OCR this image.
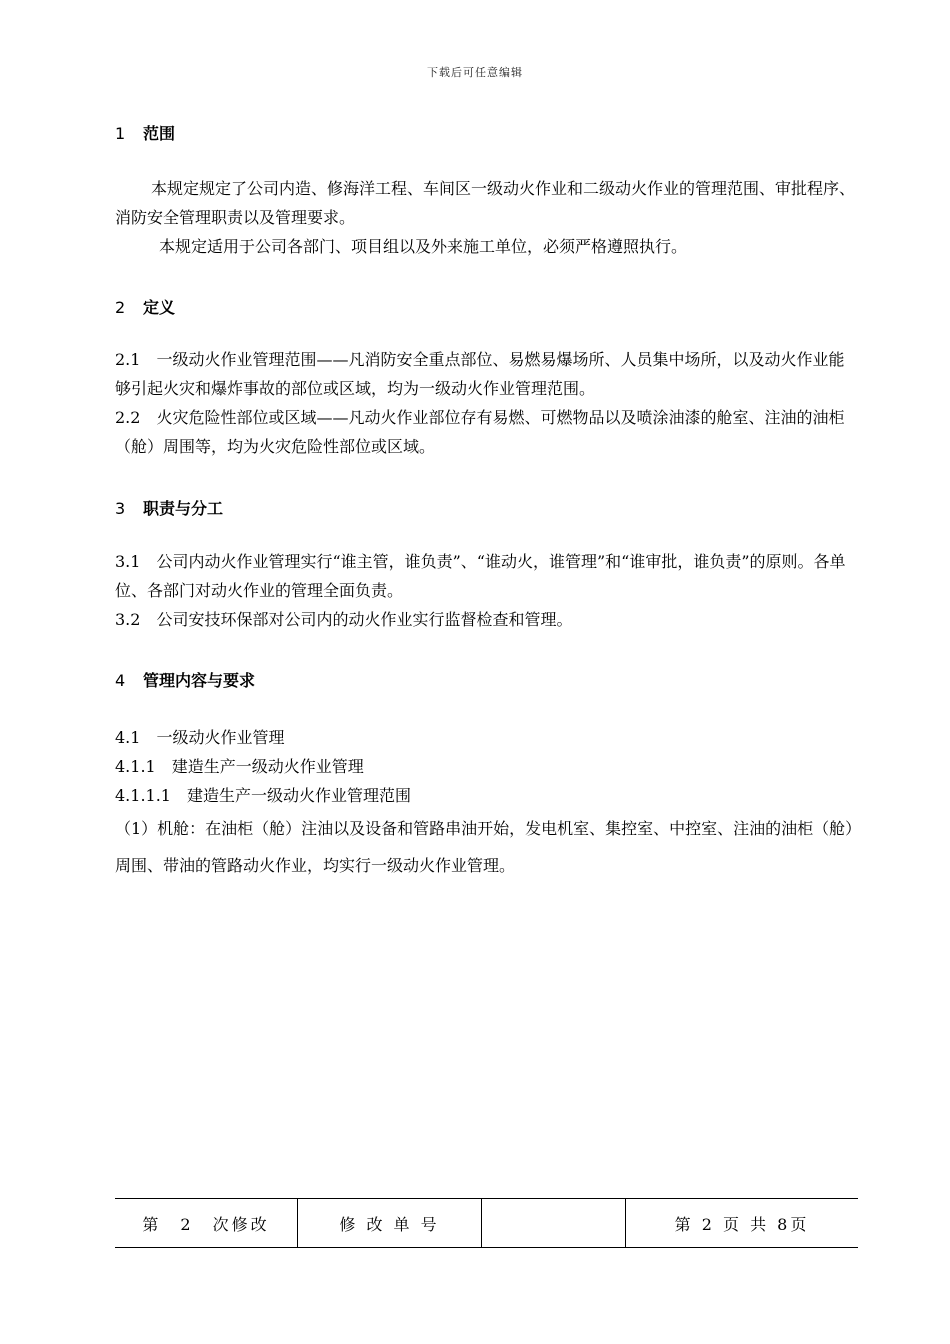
下载后可任意编辑
1 范围
本规定规定了公司内造、修海洋工程、车间区一级动火作业和二级动火作业的管理范围、审批程序、消防安全管理职责以及管理要求。
本规定适用于公司各部门、项目组以及外来施工单位，必须严格遵照执行。
2 定义
2.1　一级动火作业管理范围——凡消防安全重点部位、易燃易爆场所、人员集中场所，以及动火作业能够引起火灾和爆炸事故的部位或区域，均为一级动火作业管理范围。
2.2　火灾危险性部位或区域——凡动火作业部位存有易燃、可燃物品以及喷涂油漆的舱室、注油的油柜（舱）周围等，均为火灾危险性部位或区域。
3 职责与分工
3.1　公司内动火作业管理实行“谁主管，谁负责”、“谁动火，谁管理”和“谁审批，谁负责”的原则。各单位、各部门对动火作业的管理全面负责。
3.2　公司安技环保部对公司内的动火作业实行监督检查和管理。
4 管理内容与要求
4.1　一级动火作业管理
4.1.1　建造生产一级动火作业管理
4.1.1.1　建造生产一级动火作业管理范围
（1）机舱：在油柜（舱）注油以及设备和管路串油开始，发电机室、集控室、中控室、注油的油柜（舱）周围、带油的管路动火作业，均实行一级动火作业管理。
第　2　次修改	修 改 单 号	第 2 页 共 8页
